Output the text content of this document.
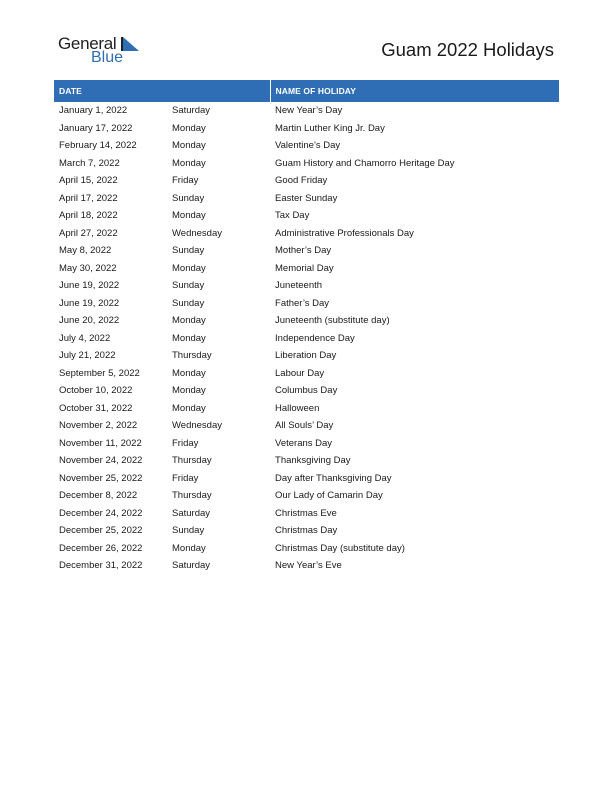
General
Blue	Guam 2022 Holidays
DATE		NAME OF HOLIDAY
January 1, 2022	Saturday	New Year’s Day
January 17, 2022	Monday	Martin Luther King Jr. Day
February 14, 2022	Monday	Valentine’s Day
March 7, 2022	Monday	Guam History and Chamorro Heritage Day
April 15, 2022	Friday	Good Friday
April 17, 2022	Sunday	Easter Sunday
April 18, 2022	Monday	Tax Day
April 27, 2022	Wednesday	Administrative Professionals Day
May 8, 2022	Sunday	Mother’s Day
May 30, 2022	Monday	Memorial Day
June 19, 2022	Sunday	Juneteenth
June 19, 2022	Sunday	Father’s Day
June 20, 2022	Monday	Juneteenth (substitute day)
July 4, 2022	Monday	Independence Day
July 21, 2022	Thursday	Liberation Day
September 5, 2022	Monday	Labour Day
October 10, 2022	Monday	Columbus Day
October 31, 2022	Monday	Halloween
November 2, 2022	Wednesday	All Souls’ Day
November 11, 2022	Friday	Veterans Day
November 24, 2022	Thursday	Thanksgiving Day
November 25, 2022	Friday	Day after Thanksgiving Day
December 8, 2022	Thursday	Our Lady of Camarin Day
December 24, 2022	Saturday	Christmas Eve
December 25, 2022	Sunday	Christmas Day
December 26, 2022	Monday	Christmas Day (substitute day)
December 31, 2022	Saturday	New Year’s Eve
